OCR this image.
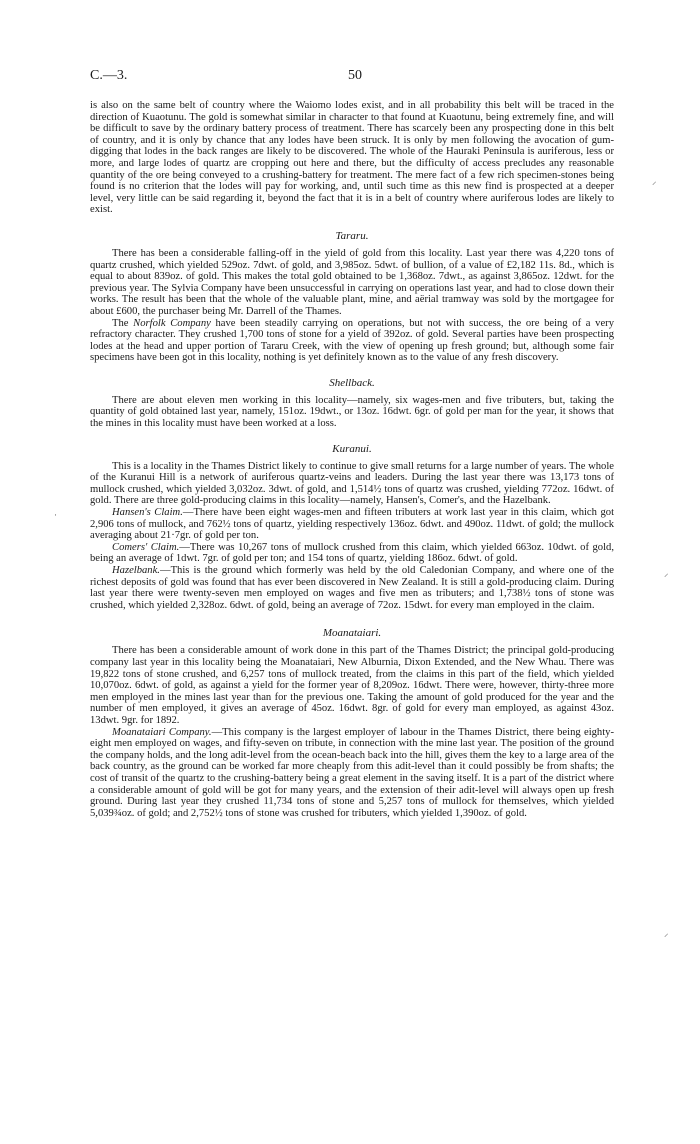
C.—3.	50

is also on the same belt of country where the Waiomo lodes exist, and in all probability this belt will be traced in the direction of Kuaotunu. The gold is somewhat similar in character to that found at Kuaotunu, being extremely fine, and will be difficult to save by the ordinary battery process of treatment. There has scarcely been any prospecting done in this belt of country, and it is only by chance that any lodes have been struck. It is only by men following the avocation of gum-digging that lodes in the back ranges are likely to be discovered. The whole of the Hauraki Peninsula is auriferous, less or more, and large lodes of quartz are cropping out here and there, but the difficulty of access precludes any reasonable quantity of the ore being conveyed to a crushing-battery for treatment. The mere fact of a few rich specimen-stones being found is no criterion that the lodes will pay for working, and, until such time as this new find is prospected at a deeper level, very little can be said regarding it, beyond the fact that it is in a belt of country where auriferous lodes are likely to exist.

Tararu.

There has been a considerable falling-off in the yield of gold from this locality. Last year there was 4,220 tons of quartz crushed, which yielded 529oz. 7dwt. of gold, and 3,985oz. 5dwt. of bullion, of a value of £2,182 11s. 8d., which is equal to about 839oz. of gold. This makes the total gold obtained to be 1,368oz. 7dwt., as against 3,865oz. 12dwt. for the previous year. The Sylvia Company have been unsuccessful in carrying on operations last year, and had to close down their works. The result has been that the whole of the valuable plant, mine, and aërial tramway was sold by the mortgagee for about £600, the purchaser being Mr. Darrell of the Thames.

The Norfolk Company have been steadily carrying on operations, but not with success, the ore being of a very refractory character. They crushed 1,700 tons of stone for a yield of 392oz. of gold. Several parties have been prospecting lodes at the head and upper portion of Tararu Creek, with the view of opening up fresh ground; but, although some fair specimens have been got in this locality, nothing is yet definitely known as to the value of any fresh discovery.

Shellback.

There are about eleven men working in this locality—namely, six wages-men and five tributers, but, taking the quantity of gold obtained last year, namely, 151oz. 19dwt., or 13oz. 16dwt. 6gr. of gold per man for the year, it shows that the mines in this locality must have been worked at a loss.

Kuranui.

This is a locality in the Thames District likely to continue to give small returns for a large number of years. The whole of the Kuranui Hill is a network of auriferous quartz-veins and leaders. During the last year there was 13,173 tons of mullock crushed, which yielded 3,032oz. 3dwt. of gold, and 1,514½ tons of quartz was crushed, yielding 772oz. 16dwt. of gold. There are three gold-producing claims in this locality—namely, Hansen's, Comer's, and the Hazelbank.

Hansen's Claim.—There have been eight wages-men and fifteen tributers at work last year in this claim, which got 2,906 tons of mullock, and 762½ tons of quartz, yielding respectively 136oz. 6dwt. and 490oz. 11dwt. of gold; the mullock averaging about 21·7gr. of gold per ton.

Comers' Claim.—There was 10,267 tons of mullock crushed from this claim, which yielded 663oz. 10dwt. of gold, being an average of 1dwt. 7gr. of gold per ton; and 154 tons of quartz, yielding 186oz. 6dwt. of gold.

Hazelbank.—This is the ground which formerly was held by the old Caledonian Company, and where one of the richest deposits of gold was found that has ever been discovered in New Zealand. It is still a gold-producing claim. During last year there were twenty-seven men employed on wages and five men as tributers; and 1,738½ tons of stone was crushed, which yielded 2,328oz. 6dwt. of gold, being an average of 72oz. 15dwt. for every man employed in the claim.

Moanataiari.

There has been a considerable amount of work done in this part of the Thames District; the principal gold-producing company last year in this locality being the Moanataiari, New Alburnia, Dixon Extended, and the New Whau. There was 19,822 tons of stone crushed, and 6,257 tons of mullock treated, from the claims in this part of the field, which yielded 10,070oz. 6dwt. of gold, as against a yield for the former year of 8,209oz. 16dwt. There were, however, thirty-three more men employed in the mines last year than for the previous one. Taking the amount of gold produced for the year and the number of men employed, it gives an average of 45oz. 16dwt. 8gr. of gold for every man employed, as against 43oz. 13dwt. 9gr. for 1892.

Moanataiari Company.—This company is the largest employer of labour in the Thames District, there being eighty-eight men employed on wages, and fifty-seven on tribute, in connection with the mine last year. The position of the ground the company holds, and the long adit-level from the ocean-beach back into the hill, gives them the key to a large area of the back country, as the ground can be worked far more cheaply from this adit-level than it could possibly be from shafts; the cost of transit of the quartz to the crushing-battery being a great element in the saving itself. It is a part of the district where a considerable amount of gold will be got for many years, and the extension of their adit-level will always open up fresh ground. During last year they crushed 11,734 tons of stone and 5,257 tons of mullock for themselves, which yielded 5,039¾oz. of gold; and 2,752½ tons of stone was crushed for tributers, which yielded 1,390oz. of gold.

⸍
⸍
⸍
·
